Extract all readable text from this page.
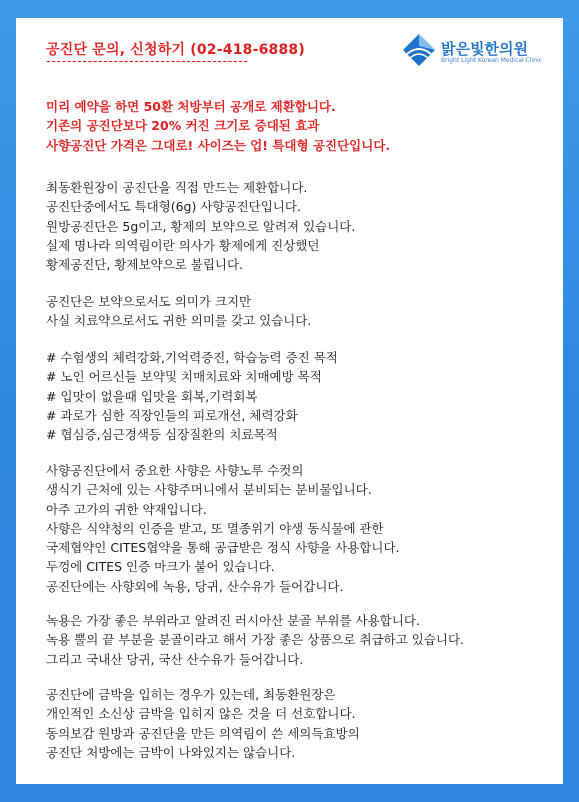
공진단 문의, 신청하기 (02-418-6888)
---------------------------------------
밝은빛한의원
Bright Light Korean Medical Clinic
미리 예약을 하면 50환 처방부터 공개로 제환합니다.
기존의 공진단보다 20% 커진 크기로 증대된 효과
사향공진단 가격은 그대로! 사이즈는 업! 특대형 공진단입니다.
최동환원장이 공진단을 직접 만드는 제환합니다.
공진단중에서도 특대형(6g) 사향공진단입니다.
원방공진단은 5g이고, 황제의 보약으로 알려져 있습니다.
실제 명나라 의역림이란 의사가 황제에게 진상했던
황제공진단, 황제보약으로 불립니다.
공진단은 보약으로서도 의미가 크지만
사실 치료약으로서도 귀한 의미를 갖고 있습니다.
# 수험생의 체력강화,기억력증진, 학습능력 증진 목적
# 노인 어르신들 보약및 치매치료와 치매예방 목적
# 입맛이 없을때 입맛을 회복,기력회복
# 과로가 심한 직장인들의 피로개선, 체력강화
# 협심증,심근경색등 심장질환의 치료목적
사향공진단에서 중요한 사향은 사향노루 수컷의
생식기 근처에 있는 사향주머니에서 분비되는 분비물입니다.
아주 고가의 귀한 약재입니다.
사향은 식약청의 인증을 받고, 또 멸종위기 야생 동식물에 관한
국제협약인 CITES협약을 통해 공급받은 정식 사향을 사용합니다.
두껑에 CITES 인증 마크가 붙어 있습니다.
공진단에는 사향외에 녹용, 당귀, 산수유가 들어갑니다.
녹용은 가장 좋은 부위라고 알려진 러시아산 분골 부위를 사용합니다.
녹용 뿔의 끝 부분을 분골이라고 해서 가장 좋은 상품으로 취급하고 있습니다.
그리고 국내산 당귀, 국산 산수유가 들어갑니다.
공진단에 금박을 입히는 경우가 있는데, 최동환원장은
개인적인 소신상 금박을 입히지 않은 것을 더 선호합니다.
동의보감 원방과 공진단을 만든 의역림이 쓴 세의득효방의
공진단 처방에는 금박이 나와있지는 않습니다.
